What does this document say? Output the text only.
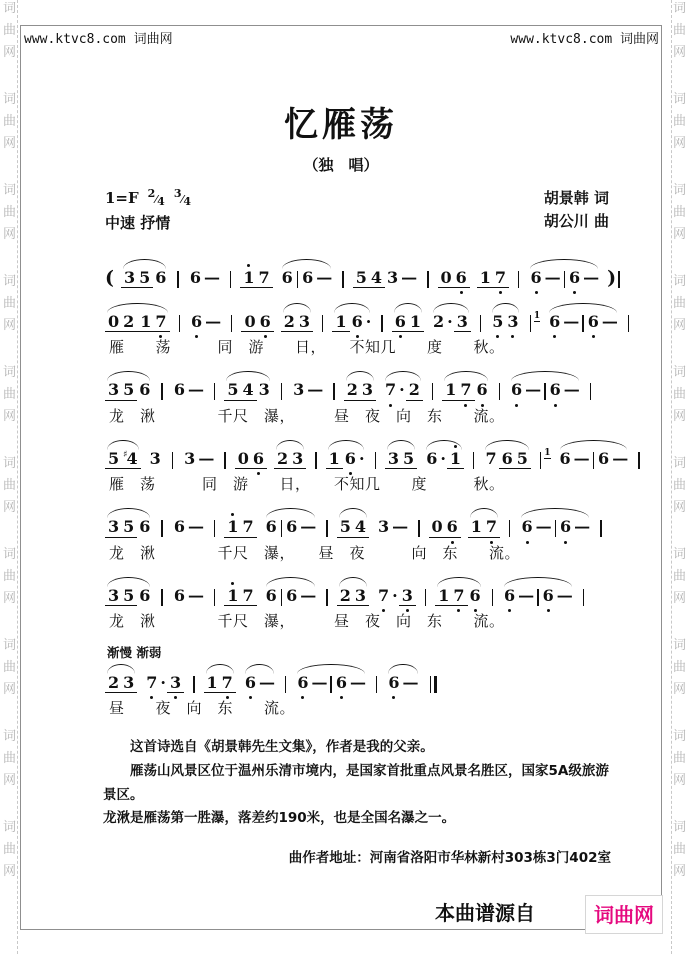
词
曲
网
词
曲
网
词
曲
网
词
曲
网
词
曲
网
词
曲
网
词
曲
网
词
曲
网
词
曲
网
词
曲
网
词
曲
网
词
曲
网
词
曲
网
词
曲
网
词
曲
网
词
曲
网
词
曲
网
词
曲
网
词
曲
网
词
曲
网
www.ktvc8.com 词曲网	www.ktvc8.com 词曲网
忆雁荡
（独　唱）
1=F 2⁄43⁄4
中速 抒情
胡景韩 词
胡公川 曲
( 3 5 6 6 — 1 7 6 6 — 5 4 3 — 0 6 1 7 6 — 6 — )
0 2 1 7 6 — 0 6 2 3 1 6 · 6 1 2 · 3 5 3 1 6 — 6 —
雁　　荡　　　同　游　　日，　　不知几　　度　　秋。
3 5 6 6 — 5 4 3 3 — 2 3 7 · 2 1 7 6 6 — 6 —
龙　湫　　　　千尺　瀑，　　　昼　夜　向　东　　流。
5 ♯4 3 3 — 0 6 2 3 1 6 · 3 5 6 · 1 7 6 5 1 6 — 6 —
雁　荡　　　同　游　　日，　　不知几　　度　　　秋。
3 5 6 6 — 1 7 6 6 — 5 4 3 — 0 6 1 7 6 — 6 —
龙　湫　　　　千尺　瀑，　　昼　夜　　　向　东　　流。
3 5 6 6 — 1 7 6 6 — 2 3 7 · 3 1 7 6 6 — 6 —
龙　湫　　　　千尺　瀑，　　　昼　夜　向　东　　流。
渐慢 渐弱
2 3 7 · 3 1 7 6 — 6 — 6 — 6 —
昼　　夜　向　东　　流。

这首诗选自《胡景韩先生文集》，作者是我的父亲。

雁荡山风景区位于温州乐清市境内，是国家首批重点风景名胜区，国家5A级旅游景区。

龙湫是雁荡第一胜瀑，落差约190米，也是全国名瀑之一。

曲作者地址：河南省洛阳市华林新村303栋3门402室

本曲谱源自	词曲网
